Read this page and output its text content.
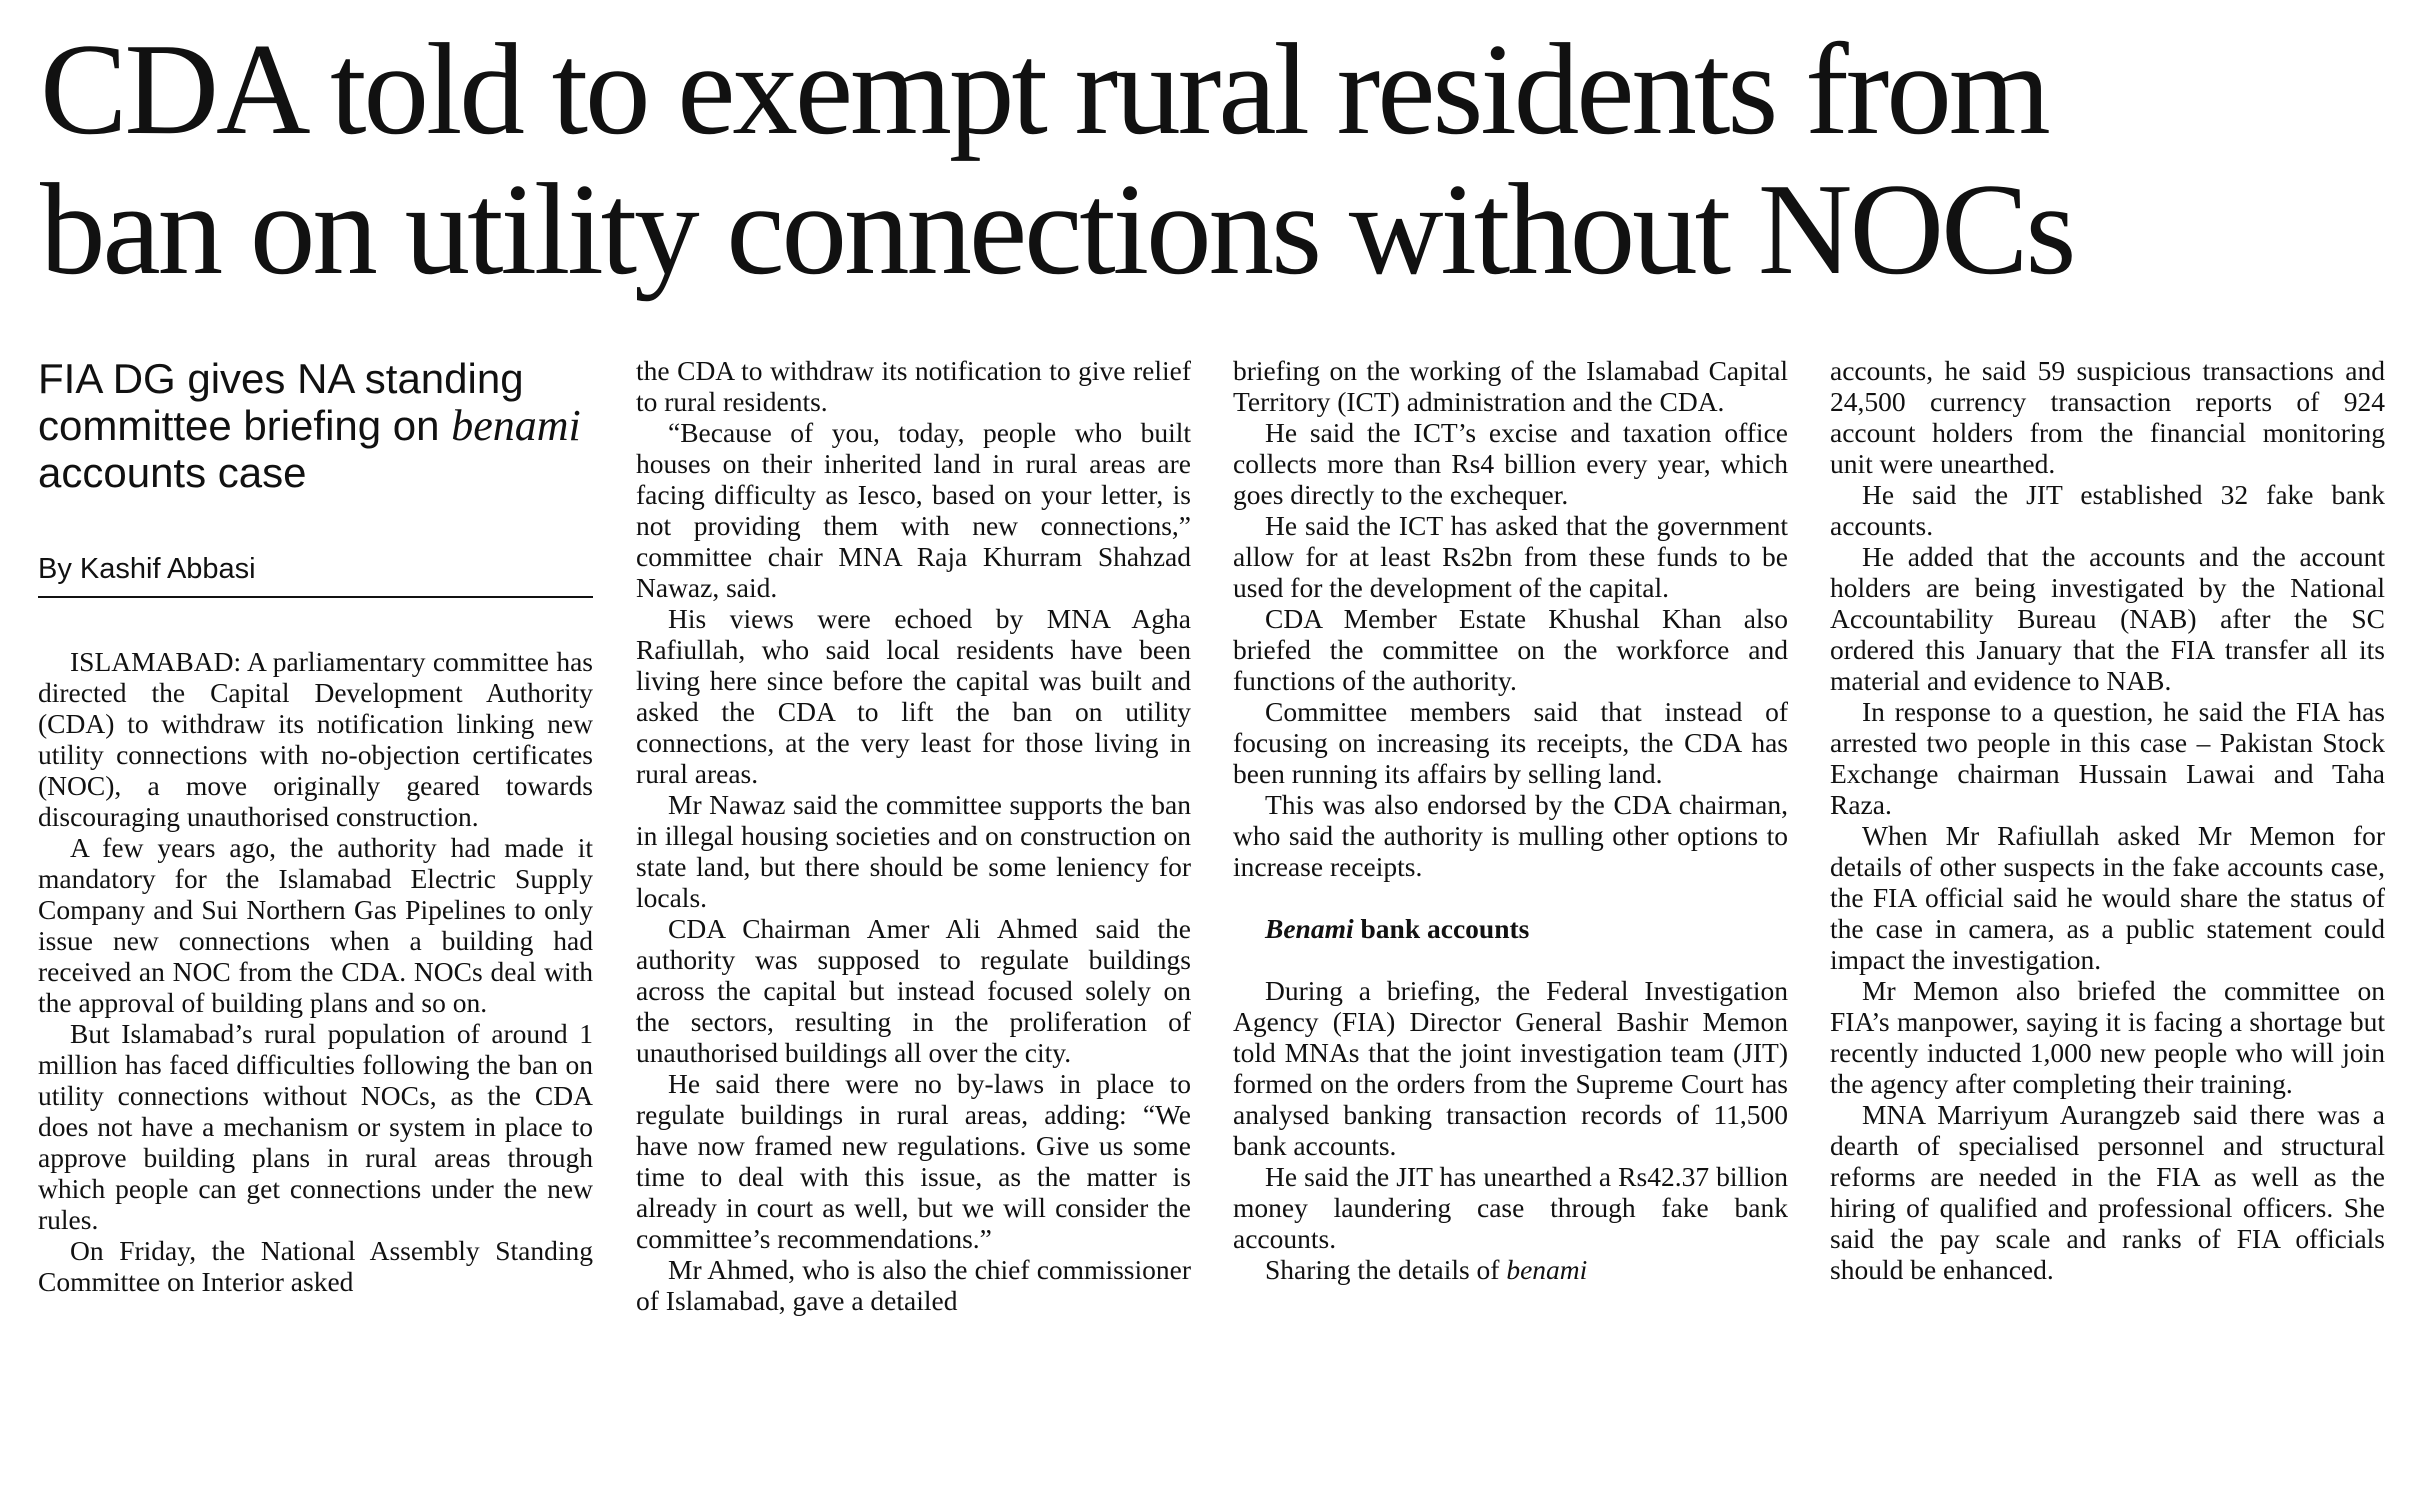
CDA told to exempt rural residents from
ban on utility connections without NOCs
FIA DG gives NA standing committee briefing on benami accounts case
By Kashif Abbasi

ISLAMABAD: A parliamentary committee has directed the Capital Development Authority (CDA) to withdraw its notification linking new utility connections with no-objection certificates (NOC), a move originally geared towards discouraging unauthorised construction.

A few years ago, the authority had made it mandatory for the Islamabad Electric Supply Company and Sui Northern Gas Pipelines to only issue new connections when a building had received an NOC from the CDA. NOCs deal with the approval of building plans and so on.

But Islamabad’s rural population of around 1 million has faced difficulties following the ban on utility connections without NOCs, as the CDA does not have a mechanism or system in place to approve building plans in rural areas through which people can get connections under the new rules.

On Friday, the National Assembly Standing Committee on Interior asked

the CDA to withdraw its notification to give relief to rural residents.

“Because of you, today, people who built houses on their inherited land in rural areas are facing difficulty as Iesco, based on your letter, is not providing them with new connections,” committee chair MNA Raja Khurram Shahzad Nawaz, said.

His views were echoed by MNA Agha Rafiullah, who said local residents have been living here since before the capital was built and asked the CDA to lift the ban on utility connections, at the very least for those living in rural areas.

Mr Nawaz said the committee supports the ban in illegal housing societies and on construction on state land, but there should be some leniency for locals.

CDA Chairman Amer Ali Ahmed said the authority was supposed to regulate buildings across the capital but instead focused solely on the sectors, resulting in the proliferation of unauthorised buildings all over the city.

He said there were no by-laws in place to regulate buildings in rural areas, adding: “We have now framed new regulations. Give us some time to deal with this issue, as the matter is already in court as well, but we will consider the committee’s recommendations.”

Mr Ahmed, who is also the chief commissioner of Islamabad, gave a detailed

briefing on the working of the Islamabad Capital Territory (ICT) administration and the CDA.

He said the ICT’s excise and taxation office collects more than Rs4 billion every year, which goes directly to the exchequer.

He said the ICT has asked that the government allow for at least Rs2bn from these funds to be used for the development of the capital.

CDA Member Estate Khushal Khan also briefed the committee on the workforce and functions of the authority.

Committee members said that instead of focusing on increasing its receipts, the CDA has been running its affairs by selling land.

This was also endorsed by the CDA chairman, who said the authority is mulling other options to increase receipts.

Benami bank accounts

During a briefing, the Federal Investigation Agency (FIA) Director General Bashir Memon told MNAs that the joint investigation team (JIT) formed on the orders from the Supreme Court has analysed banking transaction records of 11,500 bank accounts.

He said the JIT has unearthed a Rs42.37 billion money laundering case through fake bank accounts.

Sharing the details of benami

accounts, he said 59 suspicious transactions and 24,500 currency transaction reports of 924 account holders from the financial monitoring unit were unearthed.

He said the JIT established 32 fake bank accounts.

He added that the accounts and the account holders are being investigated by the National Accountability Bureau (NAB) after the SC ordered this January that the FIA transfer all its material and evidence to NAB.

In response to a question, he said the FIA has arrested two people in this case – Pakistan Stock Exchange chairman Hussain Lawai and Taha Raza.

When Mr Rafiullah asked Mr Memon for details of other suspects in the fake accounts case, the FIA official said he would share the status of the case in camera, as a public statement could impact the investigation.

Mr Memon also briefed the committee on FIA’s manpower, saying it is facing a shortage but recently inducted 1,000 new people who will join the agency after completing their training.

MNA Marriyum Aurangzeb said there was a dearth of specialised personnel and structural reforms are needed in the FIA as well as the hiring of qualified and professional officers. She said the pay scale and ranks of FIA officials should be enhanced.
